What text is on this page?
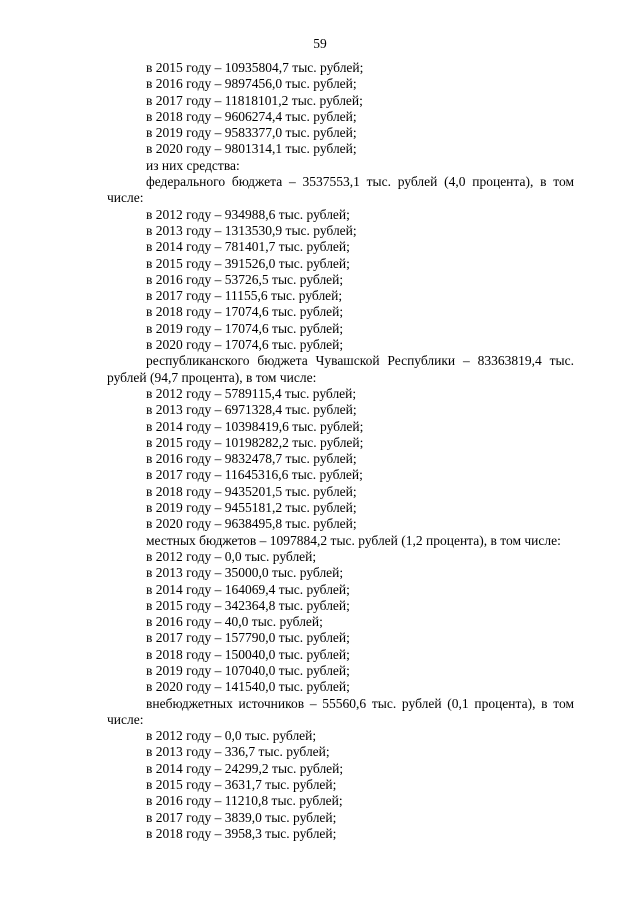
59
в 2015 году – 10935804,7 тыс. рублей;
в 2016 году – 9897456,0 тыс. рублей;
в 2017 году – 11818101,2 тыс. рублей;
в 2018 году – 9606274,4 тыс. рублей;
в 2019 году – 9583377,0 тыс. рублей;
в 2020 году – 9801314,1 тыс. рублей;
из них средства:
федерального бюджета – 3537553,1 тыс. рублей (4,0 процента), в том числе:
в 2012 году – 934988,6 тыс. рублей;
в 2013 году – 1313530,9 тыс. рублей;
в 2014 году – 781401,7 тыс. рублей;
в 2015 году – 391526,0 тыс. рублей;
в 2016 году – 53726,5 тыс. рублей;
в 2017 году – 11155,6 тыс. рублей;
в 2018 году – 17074,6 тыс. рублей;
в 2019 году – 17074,6 тыс. рублей;
в 2020 году – 17074,6 тыс. рублей;
республиканского бюджета Чувашской Республики – 83363819,4 тыс. рублей (94,7 процента), в том числе:
в 2012 году – 5789115,4 тыс. рублей;
в 2013 году – 6971328,4 тыс. рублей;
в 2014 году – 10398419,6 тыс. рублей;
в 2015 году – 10198282,2 тыс. рублей;
в 2016 году – 9832478,7 тыс. рублей;
в 2017 году – 11645316,6 тыс. рублей;
в 2018 году – 9435201,5 тыс. рублей;
в 2019 году – 9455181,2 тыс. рублей;
в 2020 году – 9638495,8 тыс. рублей;
местных бюджетов – 1097884,2 тыс. рублей (1,2 процента), в том числе:
в 2012 году – 0,0 тыс. рублей;
в 2013 году – 35000,0 тыс. рублей;
в 2014 году – 164069,4 тыс. рублей;
в 2015 году – 342364,8 тыс. рублей;
в 2016 году – 40,0 тыс. рублей;
в 2017 году – 157790,0 тыс. рублей;
в 2018 году – 150040,0 тыс. рублей;
в 2019 году – 107040,0 тыс. рублей;
в 2020 году – 141540,0 тыс. рублей;
внебюджетных источников – 55560,6 тыс. рублей (0,1 процента), в том числе:
в 2012 году – 0,0 тыс. рублей;
в 2013 году – 336,7 тыс. рублей;
в 2014 году – 24299,2 тыс. рублей;
в 2015 году – 3631,7 тыс. рублей;
в 2016 году – 11210,8 тыс. рублей;
в 2017 году – 3839,0 тыс. рублей;
в 2018 году – 3958,3 тыс. рублей;
